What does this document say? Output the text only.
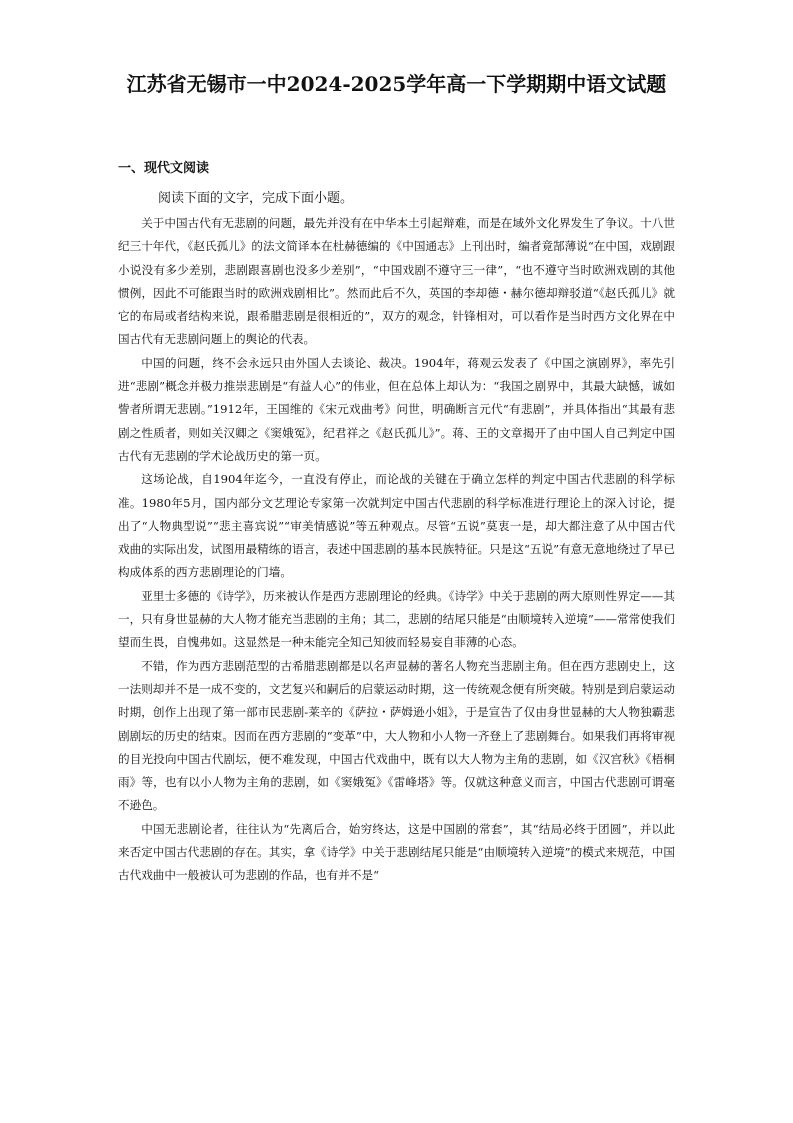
江苏省无锡市一中2024-2025学年高一下学期期中语文试题
一、现代文阅读
阅读下面的文字，完成下面小题。

关于中国古代有无悲剧的问题，最先并没有在中华本土引起辩难，而是在域外文化界发生了争议。十八世纪三十年代，《赵氏孤儿》的法文简译本在杜赫德编的《中国通志》上刊出时，编者竟郜薄说“在中国，戏剧跟小说没有多少差别，悲剧跟喜剧也没多少差别”，“中国戏剧不遵守三一律”，“也不遵守当时欧洲戏剧的其他惯例，因此不可能跟当时的欧洲戏剧相比”。然而此后不久，英国的李却德・赫尔德却辩驳道“《赵氏孤儿》就它的布局或者结构来说，跟希腊悲剧是很相近的”，双方的观念，针锋相对，可以看作是当时西方文化界在中国古代有无悲剧问题上的舆论的代表。

中国的问题，终不会永远只由外国人去谈论、裁决。1904年，蒋观云发表了《中国之演剧界》，率先引进“悲剧”概念并极力推崇悲剧是“有益人心”的伟业，但在总体上却认为：“我国之剧界中，其最大缺憾，诚如訾者所谓无悲剧。”1912年，王国维的《宋元戏曲考》问世，明确断言元代“有悲剧”，并具体指出“其最有悲剧之性质者，则如关汉卿之《窦娥冤》，纪君祥之《赵氏孤儿》”。蒋、王的文章揭开了由中国人自己判定中国古代有无悲剧的学术论战历史的第一页。

这场论战，自1904年迄今，一直没有停止，而论战的关键在于确立怎样的判定中国古代悲剧的科学标准。1980年5月，国内部分文艺理论专家第一次就判定中国古代悲剧的科学标准进行理论上的深入讨论，提出了“人物典型说”“悲主喜宾说”“审美情感说”等五种观点。尽管“五说”莫衷一是，却大都注意了从中国古代戏曲的实际出发，试图用最精练的语言，表述中国悲剧的基本民族特征。只是这“五说”有意无意地绕过了早已构成体系的西方悲剧理论的门墙。

亚里士多德的《诗学》，历来被认作是西方悲剧理论的经典。《诗学》中关于悲剧的两大原则性界定——其一，只有身世显赫的大人物才能充当悲剧的主角；其二，悲剧的结尾只能是“由顺境转入逆境”——常常使我们望而生畏，自愧弗如。这显然是一种未能完全知己知彼而轻易妄自菲薄的心态。

不错，作为西方悲剧范型的古希腊悲剧都是以名声显赫的著名人物充当悲剧主角。但在西方悲剧史上，这一法则却并不是一成不变的，文艺复兴和嗣后的启蒙运动时期，这一传统观念便有所突破。特别是到启蒙运动时期，创作上出现了第一部市民悲剧-莱辛的《萨拉・萨姆逊小姐》，于是宣告了仅由身世显赫的大人物独霸悲剧剧坛的历史的结束。因而在西方悲剧的“变革”中，大人物和小人物一齐登上了悲剧舞台。如果我们再将审视的目光投向中国古代剧坛，便不难发现，中国古代戏曲中，既有以大人物为主角的悲剧，如《汉宫秋》《梧桐雨》等，也有以小人物为主角的悲剧，如《窦娥冤》《雷峰塔》等。仅就这种意义而言，中国古代悲剧可谓毫不逊色。

中国无悲剧论者，往往认为“先离后合，始穷终达，这是中国剧的常套”，其“结局必终于团圆”，并以此来否定中国古代悲剧的存在。其实，拿《诗学》中关于悲剧结尾只能是“由顺境转入逆境”的模式来规范，中国古代戏曲中一般被认可为悲剧的作品，也有并不是“
